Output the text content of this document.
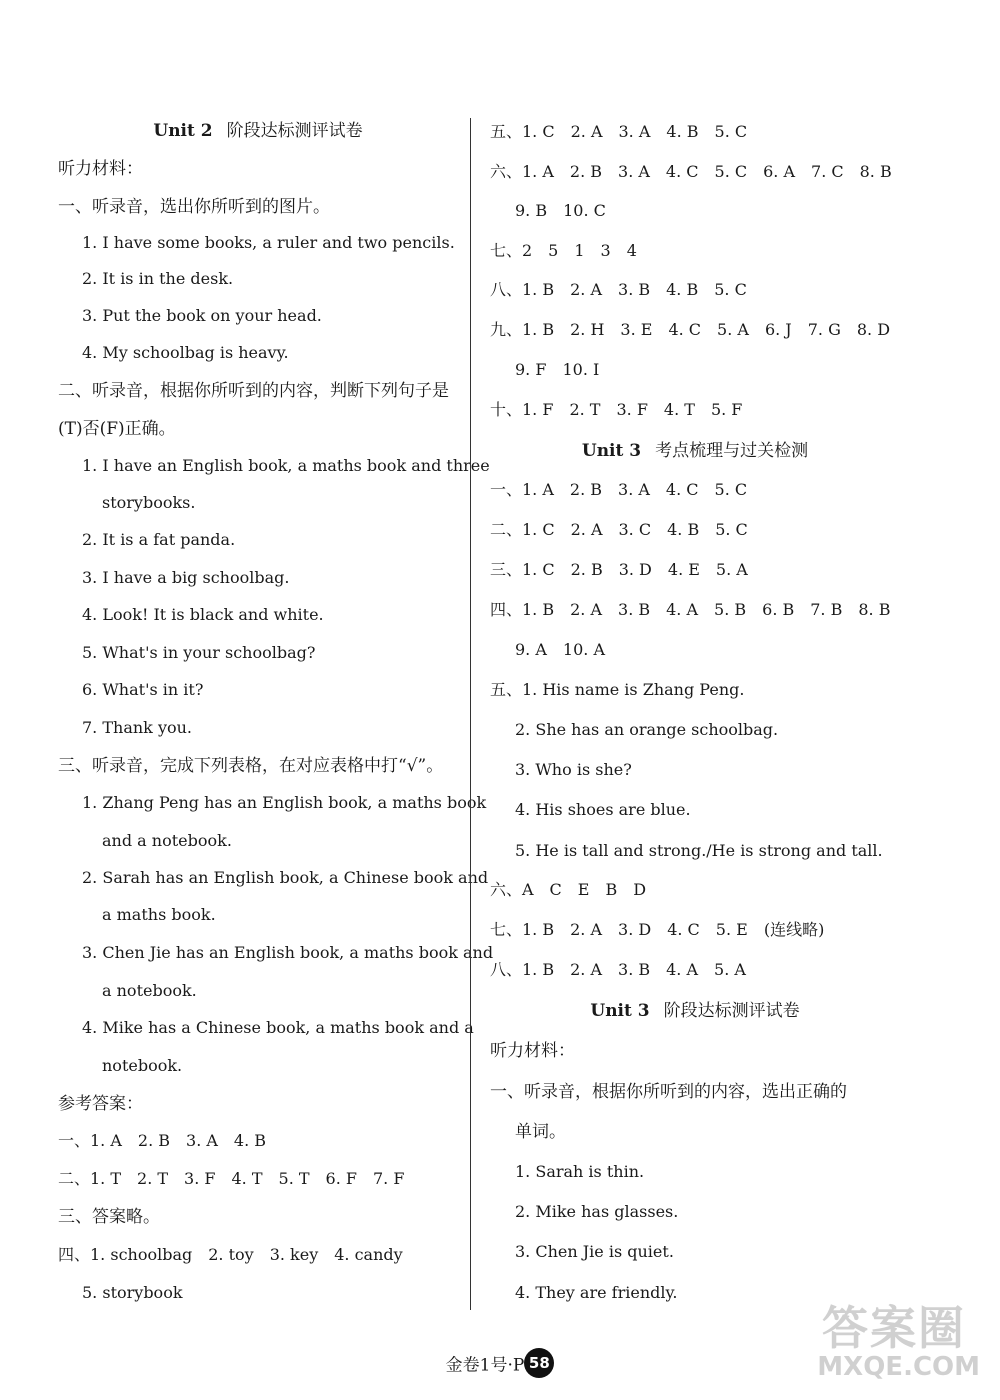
Unit 2 阶段达标测评试卷
听力材料：
一、听录音，选出你所听到的图片。
1. I have some books, a ruler and two pencils.
2. It is in the desk.
3. Put the book on your head.
4. My schoolbag is heavy.
二、听录音，根据你所听到的内容，判断下列句子是
(T)否(F)正确。
1. I have an English book, a maths book and three
storybooks.
2. It is a fat panda.
3. I have a big schoolbag.
4. Look! It is black and white.
5. What's in your schoolbag?
6. What's in it?
7. Thank you.
三、听录音，完成下列表格，在对应表格中打“√”。
1. Zhang Peng has an English book, a maths book
and a notebook.
2. Sarah has an English book, a Chinese book and
a maths book.
3. Chen Jie has an English book, a maths book and
a notebook.
4. Mike has a Chinese book, a maths book and a
notebook.
参考答案：
一、1. A　2. B　3. A　4. B
二、1. T　2. T　3. F　4. T　5. T　6. F　7. F
三、答案略。
四、1. schoolbag　2. toy　3. key　4. candy
5. storybook
五、1. C　2. A　3. A　4. B　5. C
六、1. A　2. B　3. A　4. C　5. C　6. A　7. C　8. B
9. B　10. C
七、2　5　1　3　4
八、1. B　2. A　3. B　4. B　5. C
九、1. B　2. H　3. E　4. C　5. A　6. J　7. G　8. D
9. F　10. I
十、1. F　2. T　3. F　4. T　5. F
Unit 3 考点梳理与过关检测
一、1. A　2. B　3. A　4. C　5. C
二、1. C　2. A　3. C　4. B　5. C
三、1. C　2. B　3. D　4. E　5. A
四、1. B　2. A　3. B　4. A　5. B　6. B　7. B　8. B
9. A　10. A
五、1. His name is Zhang Peng.
2. She has an orange schoolbag.
3. Who is she?
4. His shoes are blue.
5. He is tall and strong./He is strong and tall.
六、A　C　E　B　D
七、1. B　2. A　3. D　4. C　5. E　(连线略)
八、1. B　2. A　3. B　4. A　5. A
Unit 3 阶段达标测评试卷
听力材料：
一、听录音，根据你所听到的内容，选出正确的
单词。
1. Sarah is thin.
2. Mike has glasses.
3. Chen Jie is quiet.
4. They are friendly.
金卷1号·P 58
答案圈
MXQE.COM
